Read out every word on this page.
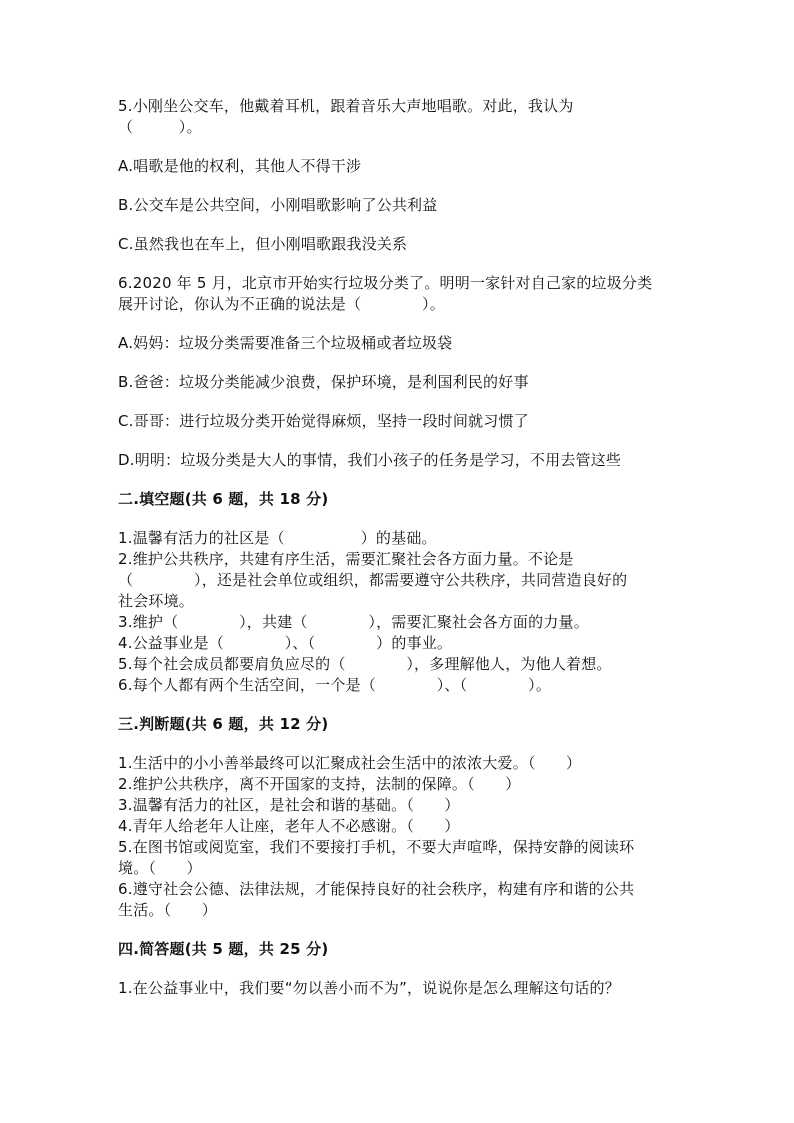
5.小刚坐公交车，他戴着耳机，跟着音乐大声地唱歌。对此，我认为
（　　　）。
A.唱歌是他的权利，其他人不得干涉
B.公交车是公共空间，小刚唱歌影响了公共利益
C.虽然我也在车上，但小刚唱歌跟我没关系
6.2020 年 5 月，北京市开始实行垃圾分类了。明明一家针对自己家的垃圾分类
展开讨论，你认为不正确的说法是（　　　　）。
A.妈妈：垃圾分类需要准备三个垃圾桶或者垃圾袋
B.爸爸：垃圾分类能减少浪费，保护环境，是利国利民的好事
C.哥哥：进行垃圾分类开始觉得麻烦，坚持一段时间就习惯了
D.明明：垃圾分类是大人的事情，我们小孩子的任务是学习，不用去管这些
二.填空题(共 6 题，共 18 分)
1.温馨有活力的社区是（　　　　　）的基础。
2.维护公共秩序，共建有序生活，需要汇聚社会各方面力量。不论是
（　　　　），还是社会单位或组织，都需要遵守公共秩序，共同营造良好的
社会环境。
3.维护（　　　　），共建（　　　　），需要汇聚社会各方面的力量。
4.公益事业是（　　　　）、（　　　　）的事业。
5.每个社会成员都要肩负应尽的（　　　　），多理解他人，为他人着想。
6.每个人都有两个生活空间，一个是（　　　　）、（　　　　）。
三.判断题(共 6 题，共 12 分)
1.生活中的小小善举最终可以汇聚成社会生活中的浓浓大爱。（　　）
2.维护公共秩序，离不开国家的支持，法制的保障。（　　）
3.温馨有活力的社区，是社会和谐的基础。（　　）
4.青年人给老年人让座，老年人不必感谢。（　　）
5.在图书馆或阅览室，我们不要接打手机，不要大声喧哗，保持安静的阅读环
境。（　　）
6.遵守社会公德、法律法规，才能保持良好的社会秩序，构建有序和谐的公共
生活。（　　）
四.简答题(共 5 题，共 25 分)
1.在公益事业中，我们要“勿以善小而不为”，说说你是怎么理解这句话的？
